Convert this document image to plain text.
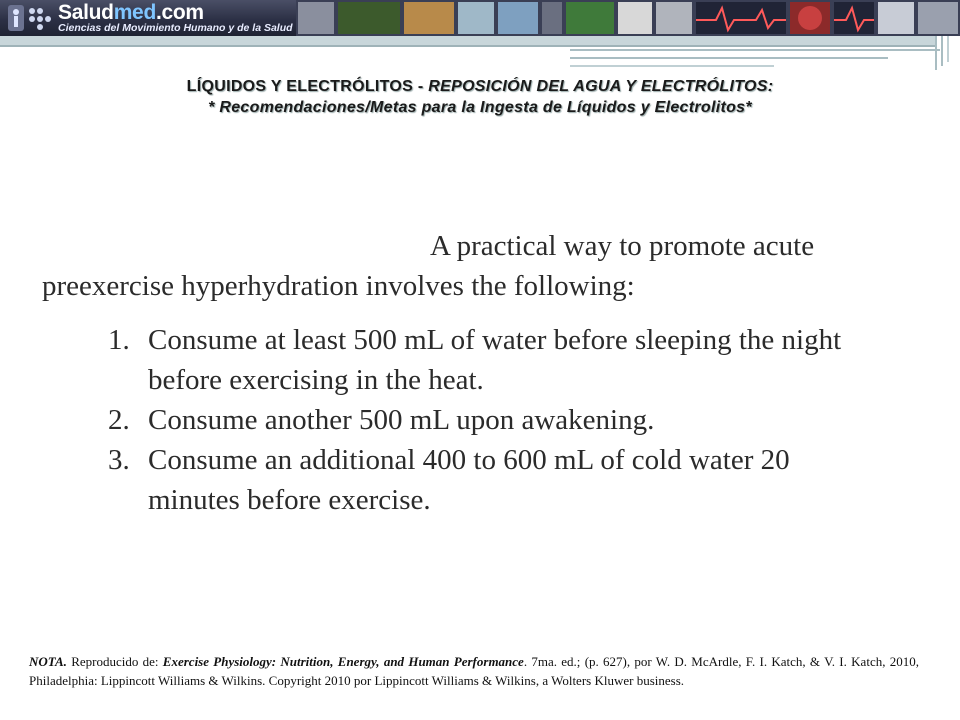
Saludmed.com
Ciencias del Movimiento Humano y de la Salud
LÍQUIDOS Y ELECTRÓLITOS - REPOSICIÓN DEL AGUA Y ELECTRÓLITOS:
* Recomendaciones/Metas para la Ingesta de Líquidos y Electrolitos*
A practical way to promote acute
preexercise hyperhydration involves the following:
1. Consume at least 500 mL of water before sleeping the night before exercising in the heat.
2. Consume another 500 mL upon awakening.
3. Consume an additional 400 to 600 mL of cold water 20 minutes before exercise.
NOTA. Reproducido de: Exercise Physiology: Nutrition, Energy, and Human Performance. 7ma. ed.; (p. 627), por W. D. McArdle, F. I. Katch, & V. I. Katch, 2010, Philadelphia: Lippincott Williams & Wilkins. Copyright 2010 por Lippincott Williams & Wilkins, a Wolters Kluwer business.
